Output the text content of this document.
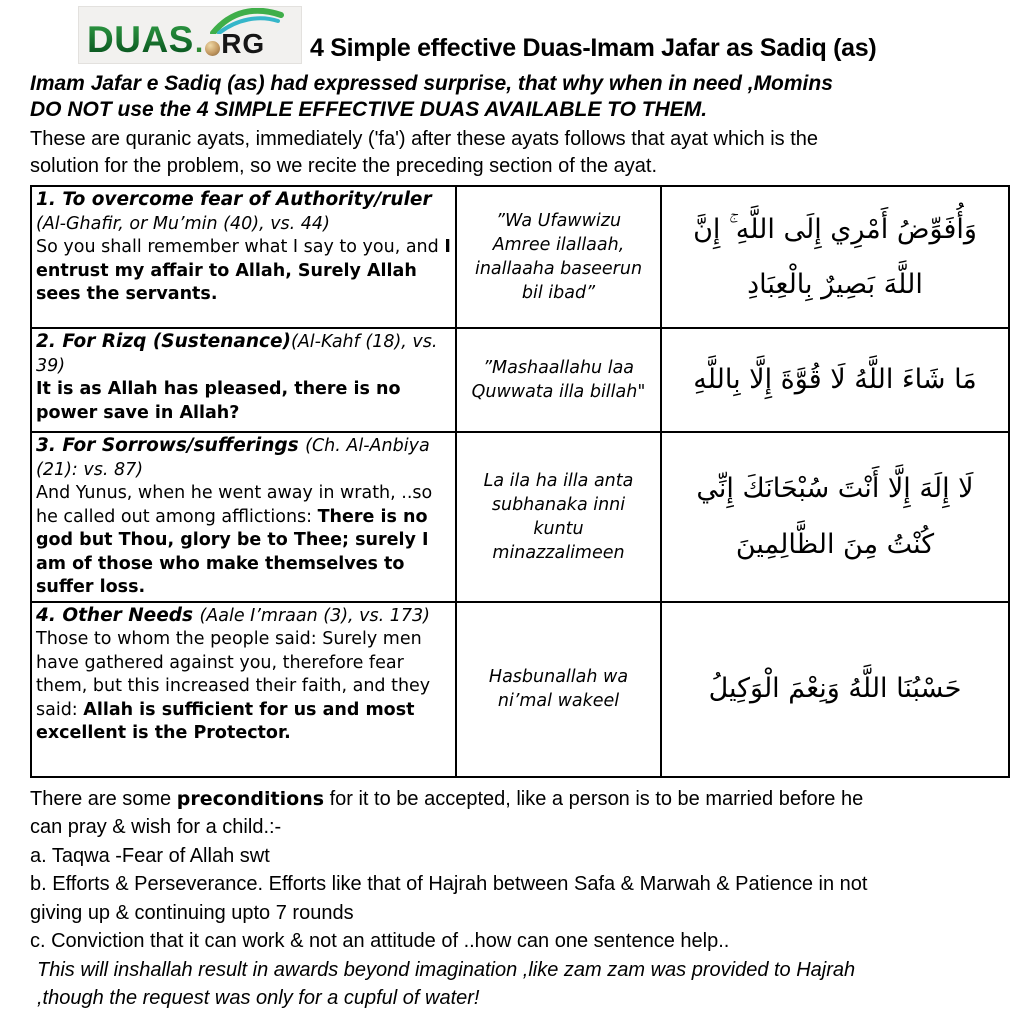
DUAS . RG 4 Simple effective Duas-Imam Jafar as Sadiq (as)

Imam Jafar e Sadiq (as) had expressed surprise, that why when in need ,Momins
DO NOT use the 4 SIMPLE EFFECTIVE DUAS AVAILABLE TO THEM.

These are quranic ayats, immediately ('fa') after these ayats follows that ayat which is the
solution for the problem, so we recite the preceding section of the ayat.

1. To overcome fear of Authority/ruler (Al-Ghafir, or Mu’min (40), vs. 44)
So you shall remember what I say to you, and I entrust my affair to Allah, Surely Allah sees the servants.	”Wa Ufawwizu Amree ilallaah, inallaaha baseerun bil ibad”	وَأُفَوِّضُ أَمْرِي إِلَى اللَّهِ ۚ إِنَّ اللَّهَ بَصِيرٌ بِالْعِبَادِ
2. For Rizq (Sustenance)(Al-Kahf (18), vs. 39)
It is as Allah has pleased, there is no power save in Allah?	”Mashaallahu laa Quwwata illa billah"	مَا شَاءَ اللَّهُ لَا قُوَّةَ إِلَّا بِاللَّهِ
3. For Sorrows/sufferings (Ch. Al-Anbiya (21): vs. 87)
And Yunus, when he went away in wrath, ..so he called out among afflictions: There is no god but Thou, glory be to Thee; surely I am of those who make themselves to suffer loss.	La ila ha illa anta subhanaka inni kuntu minazzalimeen	لَا إِلَهَ إِلَّا أَنْتَ سُبْحَانَكَ إِنِّي كُنْتُ مِنَ الظَّالِمِينَ
4. Other Needs (Aale I’mraan (3), vs. 173)
Those to whom the people said: Surely men have gathered against you, therefore fear them, but this increased their faith, and they said: Allah is sufficient for us and most excellent is the Protector.	Hasbunallah wa ni’mal wakeel	حَسْبُنَا اللَّهُ وَنِعْمَ الْوَكِيلُ

There are some preconditions for it to be accepted, like a person is to be married before he
can pray & wish for a child.:-

a. Taqwa -Fear of Allah swt

b. Efforts & Perseverance. Efforts like that of Hajrah between Safa & Marwah & Patience in not
giving up & continuing upto 7 rounds

c. Conviction that it can work & not an attitude of ..how can one sentence help..

This will inshallah result in awards beyond imagination ,like zam zam was provided to Hajrah
,though the request was only for a cupful of water!
